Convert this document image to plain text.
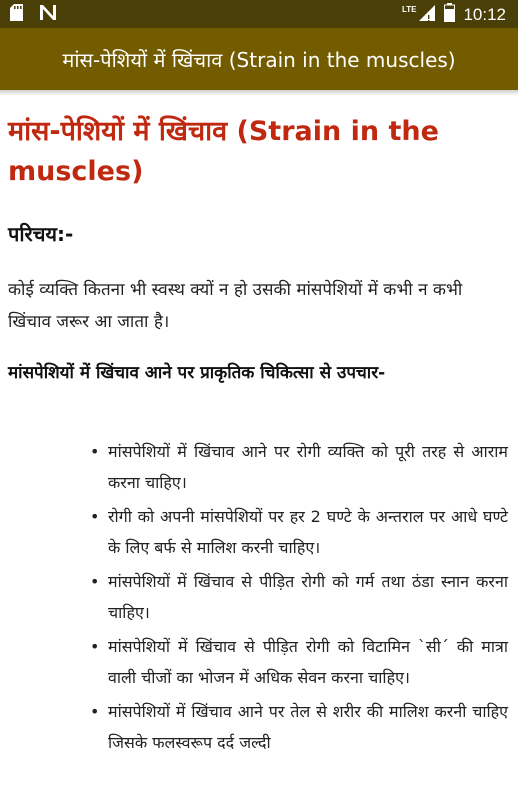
LTE	10:12
मांस-पेशियों में खिंचाव (Strain in the muscles)
मांस-पेशियों में खिंचाव (Strain in the muscles)
परिचय:-

कोई व्यक्ति कितना भी स्वस्थ क्यों न हो उसकी मांसपेशियों में कभी न कभी खिंचाव जरूर आ जाता है।

मांसपेशियों में खिंचाव आने पर प्राकृतिक चिकित्सा से उपचार-
• मांसपेशियों में खिंचाव आने पर रोगी व्यक्ति को पूरी तरह से आराम करना चाहिए।
• रोगी को अपनी मांसपेशियों पर हर 2 घण्टे के अन्तराल पर आधे घण्टे के लिए बर्फ से मालिश करनी चाहिए।
• मांसपेशियों में खिंचाव से पीड़ित रोगी को गर्म तथा ठंडा स्नान करना चाहिए।
• मांसपेशियों में खिंचाव से पीड़ित रोगी को विटामिन `सी´ की मात्रा वाली चीजों का भोजन में अधिक सेवन करना चाहिए।
• मांसपेशियों में खिंचाव आने पर तेल से शरीर की मालिश करनी चाहिए जिसके फलस्वरूप दर्द जल्दी
